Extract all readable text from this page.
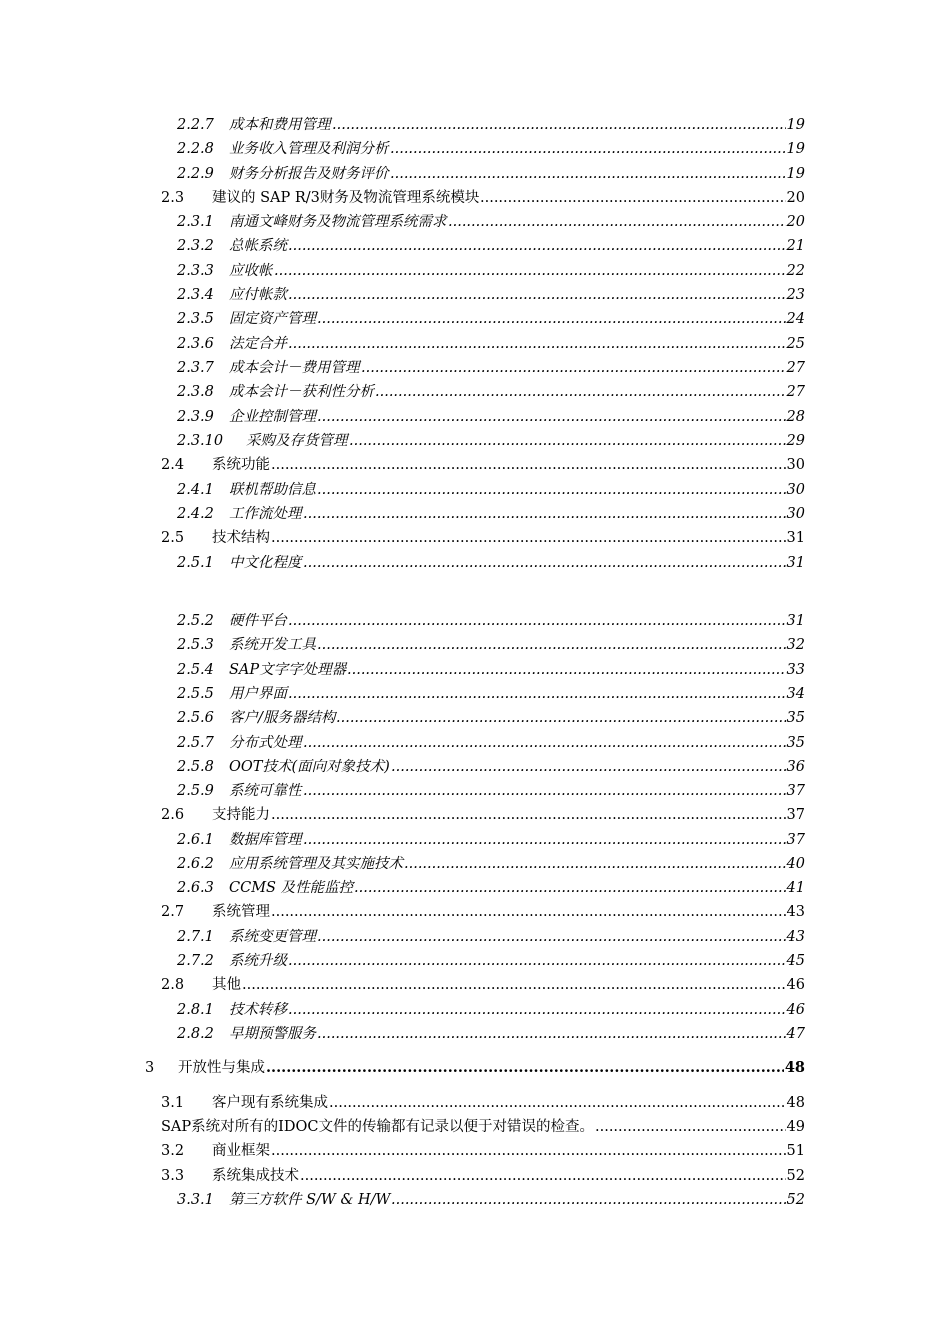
2.2.7 成本和费用管理 .....	19
2.2.8 业务收入管理及利润分析 .....	19
2.2.9 财务分析报告及财务评价 .....	19
2.3 建议的 SAP R/3财务及物流管理系统模块 .....	20
2.3.1 南通文峰财务及物流管理系统需求 .....	20
2.3.2 总帐系统 .....	21
2.3.3 应收帐 .....	22
2.3.4 应付帐款 .....	23
2.3.5 固定资产管理 .....	24
2.3.6 法定合并 .....	25
2.3.7 成本会计－费用管理 .....	27
2.3.8 成本会计－获利性分析 .....	27
2.3.9 企业控制管理 .....	28
2.3.10 采购及存货管理 .....	29
2.4 系统功能 .....	30
2.4.1 联机帮助信息 .....	30
2.4.2 工作流处理 .....	30
2.5 技术结构 .....	31
2.5.1 中文化程度 .....	31
2.5.2 硬件平台 .....	31
2.5.3 系统开发工具 .....	32
2.5.4 SAP文字字处理器 .....	33
2.5.5 用户界面 .....	34
2.5.6 客户/服务器结构 .....	35
2.5.7 分布式处理 .....	35
2.5.8 OOT技术(面向对象技术) .....	36
2.5.9 系统可靠性 .....	37
2.6 支持能力 .....	37
2.6.1 数据库管理 .....	37
2.6.2 应用系统管理及其实施技术 .....	40
2.6.3 CCMS 及性能监控 .....	41
2.7 系统管理 .....	43
2.7.1 系统变更管理 .....	43
2.7.2 系统升级 .....	45
2.8 其他 .....	46
2.8.1 技术转移 .....	46
2.8.2 早期预警服务 .....	47
3 开放性与集成 .....	48
3.1 客户现有系统集成 .....	48
SAP系统对所有的IDOC文件的传输都有记录以便于对错误的检查。 .....	49
3.2 商业框架 .....	51
3.3 系统集成技术 .....	52
3.3.1 第三方软件 S/W & H/W .....	52
